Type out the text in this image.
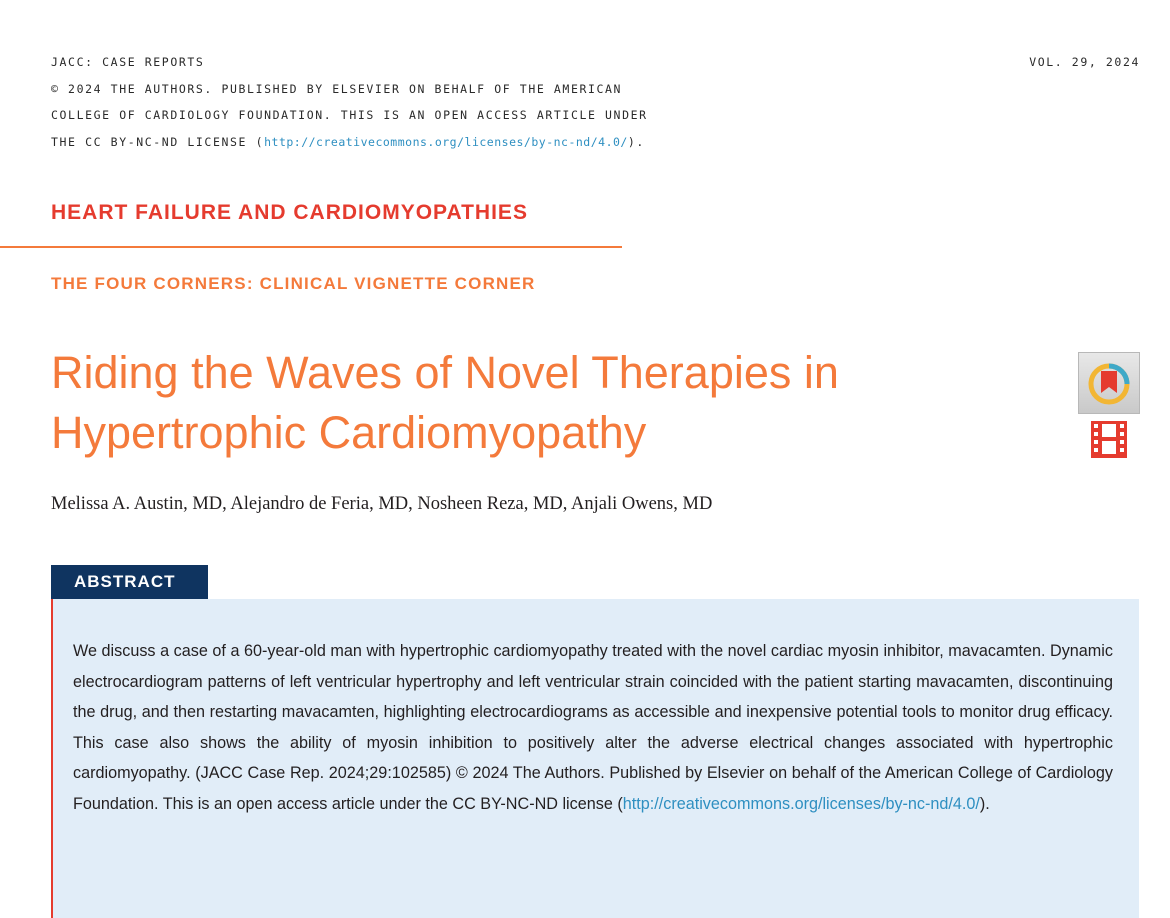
JACC: CASE REPORTS
© 2024 THE AUTHORS. PUBLISHED BY ELSEVIER ON BEHALF OF THE AMERICAN
COLLEGE OF CARDIOLOGY FOUNDATION. THIS IS AN OPEN ACCESS ARTICLE UNDER
THE CC BY-NC-ND LICENSE (http://creativecommons.org/licenses/by-nc-nd/4.0/).
VOL. 29, 2024
HEART FAILURE AND CARDIOMYOPATHIES
THE FOUR CORNERS: CLINICAL VIGNETTE CORNER
Riding the Waves of Novel Therapies in
Hypertrophic Cardiomyopathy
Melissa A. Austin, MD, Alejandro de Feria, MD, Nosheen Reza, MD, Anjali Owens, MD
ABSTRACT

We discuss a case of a 60-year-old man with hypertrophic cardiomyopathy treated with the novel cardiac myosin inhibitor, mavacamten. Dynamic electrocardiogram patterns of left ventricular hypertrophy and left ventricular strain coincided with the patient starting mavacamten, discontinuing the drug, and then restarting mavacamten, highlighting electrocardiograms as accessible and inexpensive potential tools to monitor drug efficacy. This case also shows the ability of myosin inhibition to positively alter the adverse electrical changes associated with hypertrophic cardiomyopathy. (JACC Case Rep. 2024;29:102585) © 2024 The Authors. Published by Elsevier on behalf of the American College of Cardiology Foundation. This is an open access article under the CC BY-NC-ND license (http://creativecommons.org/licenses/by-nc-nd/4.0/).
